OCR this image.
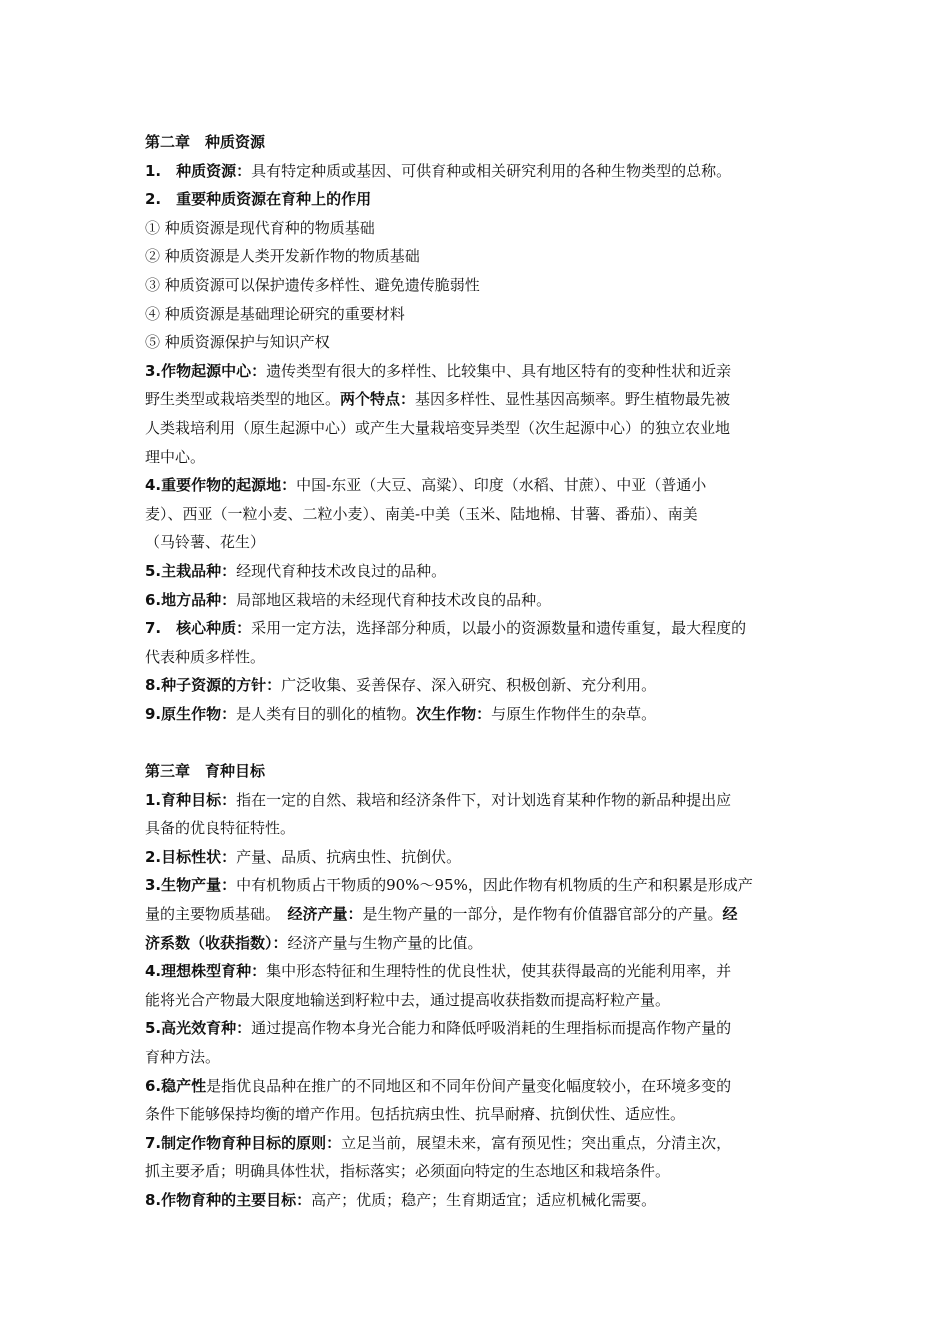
第二章　种质资源
1.　种质资源：具有特定种质或基因、可供育种或相关研究利用的各种生物类型的总称。
2.　重要种质资源在育种上的作用
① 种质资源是现代育种的物质基础
② 种质资源是人类开发新作物的物质基础
③ 种质资源可以保护遗传多样性、避免遗传脆弱性
④ 种质资源是基础理论研究的重要材料
⑤ 种质资源保护与知识产权
3.作物起源中心：遗传类型有很大的多样性、比较集中、具有地区特有的变种性状和近亲
野生类型或栽培类型的地区。两个特点：基因多样性、显性基因高频率。野生植物最先被
人类栽培利用（原生起源中心）或产生大量栽培变异类型（次生起源中心）的独立农业地
理中心。
4.重要作物的起源地：中国-东亚（大豆、高粱）、印度（水稻、甘蔗）、中亚（普通小
麦）、西亚（一粒小麦、二粒小麦）、南美-中美（玉米、陆地棉、甘薯、番茄）、南美
（马铃薯、花生）
5.主栽品种：经现代育种技术改良过的品种。
6.地方品种：局部地区栽培的未经现代育种技术改良的品种。
7.　核心种质：采用一定方法，选择部分种质，以最小的资源数量和遗传重复，最大程度的
代表种质多样性。
8.种子资源的方针：广泛收集、妥善保存、深入研究、积极创新、充分利用。
9.原生作物：是人类有目的驯化的植物。次生作物：与原生作物伴生的杂草。
第三章　育种目标
1.育种目标：指在一定的自然、栽培和经济条件下，对计划选育某种作物的新品种提出应
具备的优良特征特性。
2.目标性状：产量、品质、抗病虫性、抗倒伏。
3.生物产量：中有机物质占干物质的90%～95%，因此作物有机物质的生产和积累是形成产
量的主要物质基础。　经济产量：是生物产量的一部分，是作物有价值器官部分的产量。经
济系数（收获指数）：经济产量与生物产量的比值。
4.理想株型育种：集中形态特征和生理特性的优良性状，使其获得最高的光能利用率，并
能将光合产物最大限度地输送到籽粒中去，通过提高收获指数而提高籽粒产量。
5.高光效育种：通过提高作物本身光合能力和降低呼吸消耗的生理指标而提高作物产量的
育种方法。
6.稳产性是指优良品种在推广的不同地区和不同年份间产量变化幅度较小，在环境多变的
条件下能够保持均衡的增产作用。包括抗病虫性、抗旱耐瘠、抗倒伏性、适应性。
7.制定作物育种目标的原则：立足当前，展望未来，富有预见性；突出重点，分清主次，
抓主要矛盾；明确具体性状，指标落实；必须面向特定的生态地区和栽培条件。
8.作物育种的主要目标：高产；优质；稳产；生育期适宜；适应机械化需要。
